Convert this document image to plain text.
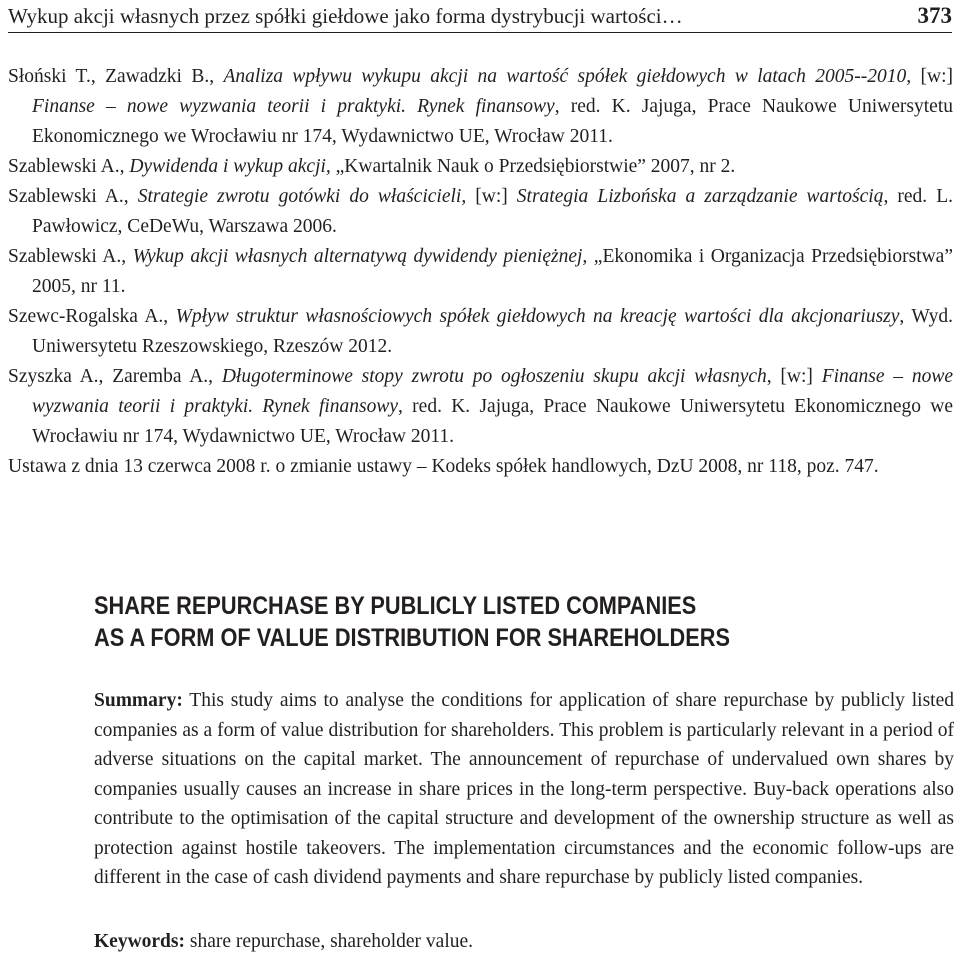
Wykup akcji własnych przez spółki giełdowe jako forma dystrybucji wartości…	373
Słoński T., Zawadzki B., Analiza wpływu wykupu akcji na wartość spółek giełdowych w latach 2005--2010, [w:] Finanse – nowe wyzwania teorii i praktyki. Rynek finansowy, red. K. Jajuga, Prace Naukowe Uniwersytetu Ekonomicznego we Wrocławiu nr 174, Wydawnictwo UE, Wrocław 2011.
Szablewski A., Dywidenda i wykup akcji, „Kwartalnik Nauk o Przedsiębiorstwie” 2007, nr 2.
Szablewski A., Strategie zwrotu gotówki do właścicieli, [w:] Strategia Lizbońska a zarządzanie wartością, red. L. Pawłowicz, CeDeWu, Warszawa 2006.
Szablewski A., Wykup akcji własnych alternatywą dywidendy pieniężnej, „Ekonomika i Organizacja Przedsiębiorstwa” 2005, nr 11.
Szewc-Rogalska A., Wpływ struktur własnościowych spółek giełdowych na kreację wartości dla akcjonariuszy, Wyd. Uniwersytetu Rzeszowskiego, Rzeszów 2012.
Szyszka A., Zaremba A., Długoterminowe stopy zwrotu po ogłoszeniu skupu akcji własnych, [w:] Finanse – nowe wyzwania teorii i praktyki. Rynek finansowy, red. K. Jajuga, Prace Naukowe Uniwersytetu Ekonomicznego we Wrocławiu nr 174, Wydawnictwo UE, Wrocław 2011.
Ustawa z dnia 13 czerwca 2008 r. o zmianie ustawy – Kodeks spółek handlowych, DzU 2008, nr 118, poz. 747.
SHARE REPURCHASE BY PUBLICLY LISTED COMPANIES
AS A FORM OF VALUE DISTRIBUTION FOR SHAREHOLDERS
Summary: This study aims to analyse the conditions for application of share repurchase by publicly listed companies as a form of value distribution for shareholders. This problem is particularly relevant in a period of adverse situations on the capital market. The announcement of repurchase of undervalued own shares by companies usually causes an increase in share prices in the long-term perspective. Buy-back operations also contribute to the optimisation of the capital structure and development of the ownership structure as well as protection against hostile takeovers. The implementation circumstances and the economic follow-ups are different in the case of cash dividend payments and share repurchase by publicly listed companies.
Keywords: share repurchase, shareholder value.
